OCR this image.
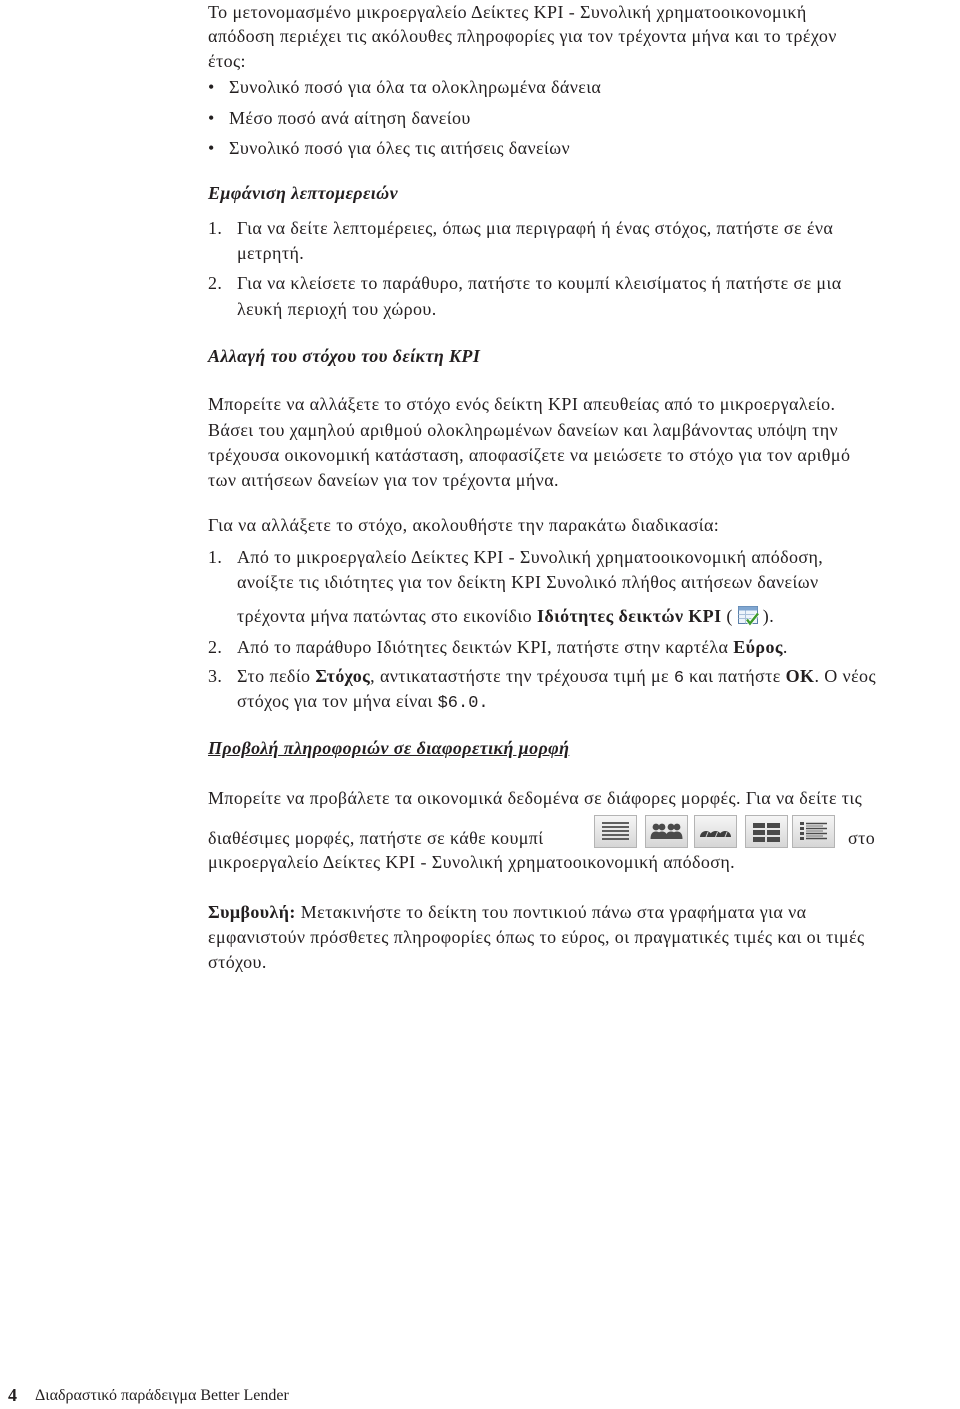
Το μετονομασμένο μικροεργαλείο Δείκτες KPI - Συνολική χρηματοοικονομική
απόδοση περιέχει τις ακόλουθες πληροφορίες για τον τρέχοντα μήνα και το τρέχον
έτος:
• Συνολικό ποσό για όλα τα ολοκληρωμένα δάνεια
• Μέσο ποσό ανά αίτηση δανείου
• Συνολικό ποσό για όλες τις αιτήσεις δανείων
Εμφάνιση λεπτομερειών
1. Για να δείτε λεπτομέρειες, όπως μια περιγραφή ή ένας στόχος, πατήστε σε ένα
μετρητή.
2. Για να κλείσετε το παράθυρο, πατήστε το κουμπί κλεισίματος ή πατήστε σε μια
λευκή περιοχή του χώρου.
Αλλαγή του στόχου του δείκτη KPI
Μπορείτε να αλλάξετε το στόχο ενός δείκτη KPI απευθείας από το μικροεργαλείο.
Βάσει του χαμηλού αριθμού ολοκληρωμένων δανείων και λαμβάνοντας υπόψη την
τρέχουσα οικονομική κατάσταση, αποφασίζετε να μειώσετε το στόχο για τον αριθμό
των αιτήσεων δανείων για τον τρέχοντα μήνα.
Για να αλλάξετε το στόχο, ακολουθήστε την παρακάτω διαδικασία:
1. Από το μικροεργαλείο Δείκτες KPI - Συνολική χρηματοοικονομική απόδοση,
ανοίξτε τις ιδιότητες για τον δείκτη KPI Συνολικό πλήθος αιτήσεων δανείων
τρέχοντα μήνα πατώντας στο εικονίδιο Ιδιότητες δεικτών KPI ( ).
2. Από το παράθυρο Ιδιότητες δεικτών KPI, πατήστε στην καρτέλα Εύρος.
3. Στο πεδίο Στόχος, αντικαταστήστε την τρέχουσα τιμή με 6 και πατήστε OK. Ο νέος
στόχος για τον μήνα είναι $6.0.
Προβολή πληροφοριών σε διαφορετική μορφή
Μπορείτε να προβάλετε τα οικονομικά δεδομένα σε διάφορες μορφές. Για να δείτε τις
διαθέσιμες μορφές, πατήστε σε κάθε κουμπί	στο
μικροεργαλείο Δείκτες KPI - Συνολική χρηματοοικονομική απόδοση.
Συμβουλή: Μετακινήστε το δείκτη του ποντικιού πάνω στα γραφήματα για να
εμφανιστούν πρόσθετες πληροφορίες όπως το εύρος, οι πραγματικές τιμές και οι τιμές
στόχου.
4 Διαδραστικό παράδειγμα Better Lender
